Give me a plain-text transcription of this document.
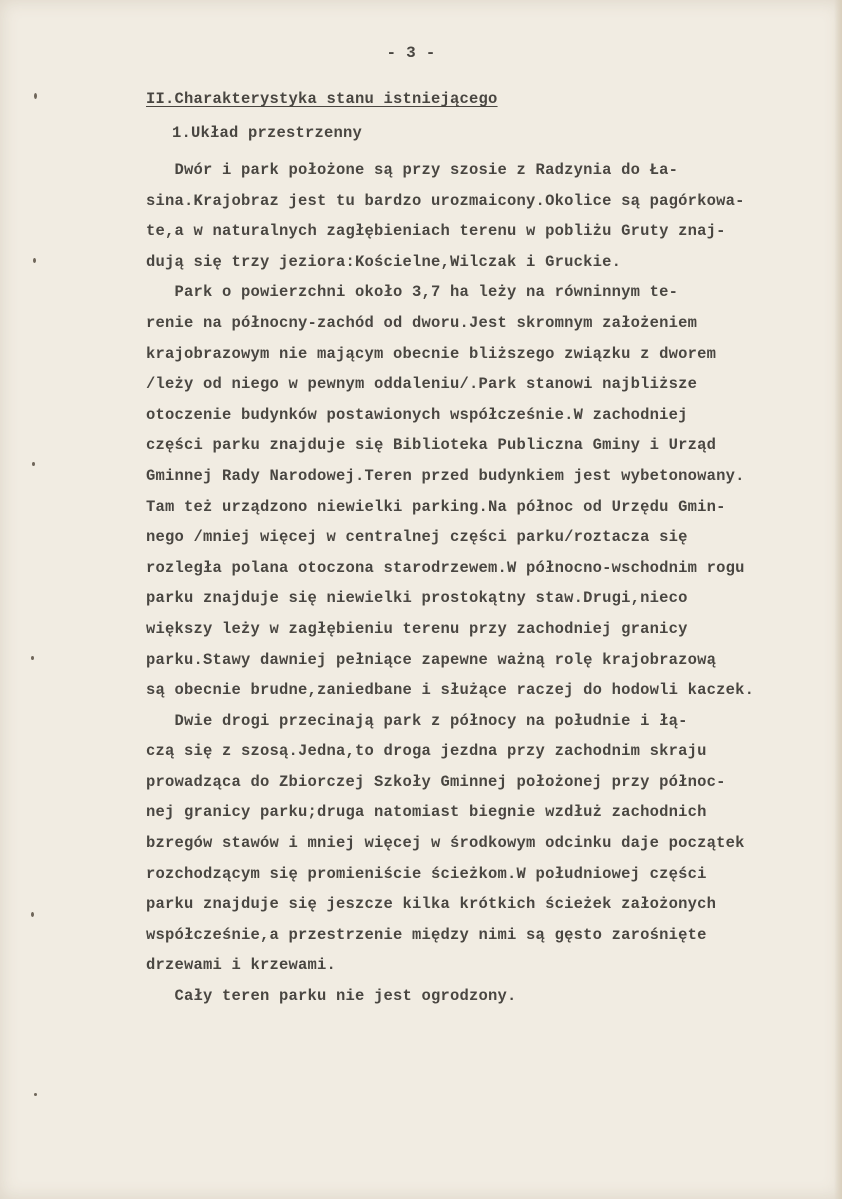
- 3 -
II.Charakterystyka stanu istniejącego
1.Układ przestrzenny
Dwór i park położone są przy szosie z Radzynia do Ła-
sina.Krajobraz jest tu bardzo urozmaicony.Okolice są pagórkowa-
te,a w naturalnych zagłębieniach terenu w pobliżu Gruty znaj-
dują się trzy jeziora:Kościelne,Wilczak i Gruckie.
Park o powierzchni około 3,7 ha leży na równinnym te-
renie na północny-zachód od dworu.Jest skromnym założeniem
krajobrazowym nie mającym obecnie bliższego związku z dworem
/leży od niego w pewnym oddaleniu/.Park stanowi najbliższe
otoczenie budynków postawionych współcześnie.W zachodniej
części parku znajduje się Biblioteka Publiczna Gminy i Urząd
Gminnej Rady Narodowej.Teren przed budynkiem jest wybetonowany.
Tam też urządzono niewielki parking.Na północ od Urzędu Gmin-
nego /mniej więcej w centralnej części parku/roztacza się
rozległa polana otoczona starodrzewem.W północno-wschodnim rogu
parku znajduje się niewielki prostokątny staw.Drugi,nieco
większy leży w zagłębieniu terenu przy zachodniej granicy
parku.Stawy dawniej pełniące zapewne ważną rolę krajobrazową
są obecnie brudne,zaniedbane i służące raczej do hodowli kaczek.
Dwie drogi przecinają park z północy na południe i łą-
czą się z szosą.Jedna,to droga jezdna przy zachodnim skraju
prowadząca do Zbiorczej Szkoły Gminnej położonej przy północ-
nej granicy parku;druga natomiast biegnie wzdłuż zachodnich
bzregów stawów i mniej więcej w środkowym odcinku daje początek
rozchodzącym się promieniście ścieżkom.W południowej części
parku znajduje się jeszcze kilka krótkich ścieżek założonych
współcześnie,a przestrzenie między nimi są gęsto zarośnięte
drzewami i krzewami.
Cały teren parku nie jest ogrodzony.
